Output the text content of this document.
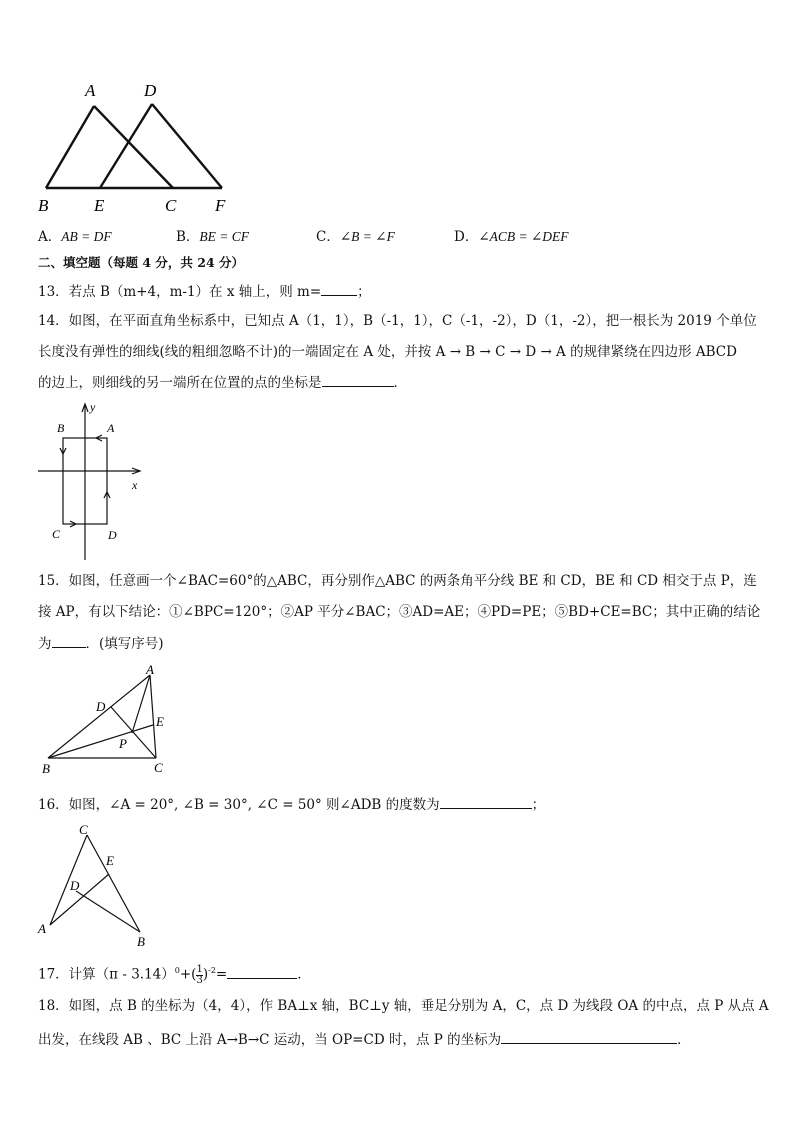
A	D
B	E	C F
A．AB = DF	B．BE = CF	C．∠B = ∠F	D．∠ACB = ∠DEF
二、填空题（每题 4 分，共 24 分）
13．若点 B（m+4，m-1）在 x 轴上，则 m=	；
14．如图，在平面直角坐标系中，已知点 A（1，1），B（-1，1），C（-1，-2），D（1，-2），把一根长为 2019 个单位
长度没有弹性的细线(线的粗细忽略不计)的一端固定在 A 处，并按 A → B → C → D → A 的规律紧绕在四边形 ABCD
的边上，则细线的另一端所在位置的点的坐标是	．
y
B	A
x
C	D
15．如图，任意画一个∠BAC=60°的△ABC，再分别作△ABC 的两条角平分线 BE 和 CD，BE 和 CD 相交于点 P，连
接 AP，有以下结论：①∠BPC=120°；②AP 平分∠BAC；③AD=AE；④PD=PE；⑤BD+CE=BC；其中正确的结论
为	．(填写序号)
A
D
E
P
B	C
16．如图，∠A = 20°, ∠B = 30°, ∠C = 50° 则∠ADB 的度数为	；
C
E
D
A
B
17．计算$(\pi - 3.14)^0+( \frac{1}{3} )^{-2}=$	．
18．如图，点 B 的坐标为（4，4），作 BA⊥x 轴，BC⊥y 轴，垂足分别为 A，C，点 D 为线段 OA 的中点，点 P 从点 A
出发，在线段 AB 、BC 上沿 A→B→C 运动，当 OP=CD 时，点 P 的坐标为	．
